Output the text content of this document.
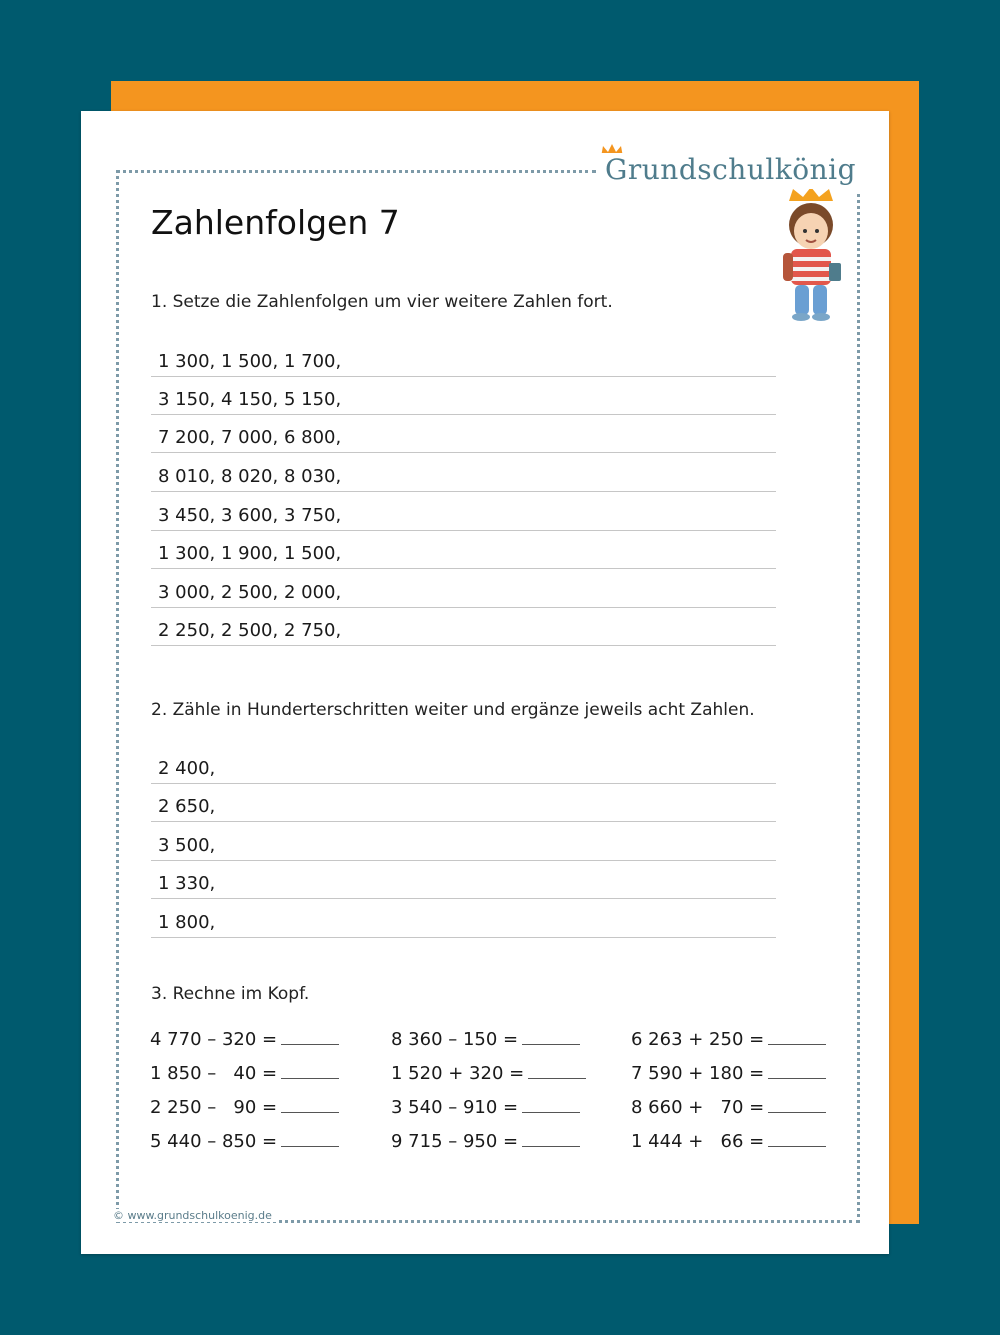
Grundschulkönig
Zahlenfolgen 7
1. Setze die Zahlenfolgen um vier weitere Zahlen fort.
1 300, 1 500, 1 700,
3 150, 4 150, 5 150,
7 200, 7 000, 6 800,
8 010, 8 020, 8 030,
3 450, 3 600, 3 750,
1 300, 1 900, 1 500,
3 000, 2 500, 2 000,
2 250, 2 500, 2 750,
2. Zähle in Hunderterschritten weiter und ergänze jeweils acht Zahlen.
2 400,
2 650,
3 500,
1 330,
1 800,
3. Rechne im Kopf.
4 770 – 320 =
1 850 –   40 =
2 250 –   90 =
5 440 – 850 =
8 360 – 150 =
1 520 + 320 =
3 540 – 910 =
9 715 – 950 =
6 263 + 250 =
7 590 + 180 =
8 660 +   70 =
1 444 +   66 =
© www.grundschulkoenig.de
